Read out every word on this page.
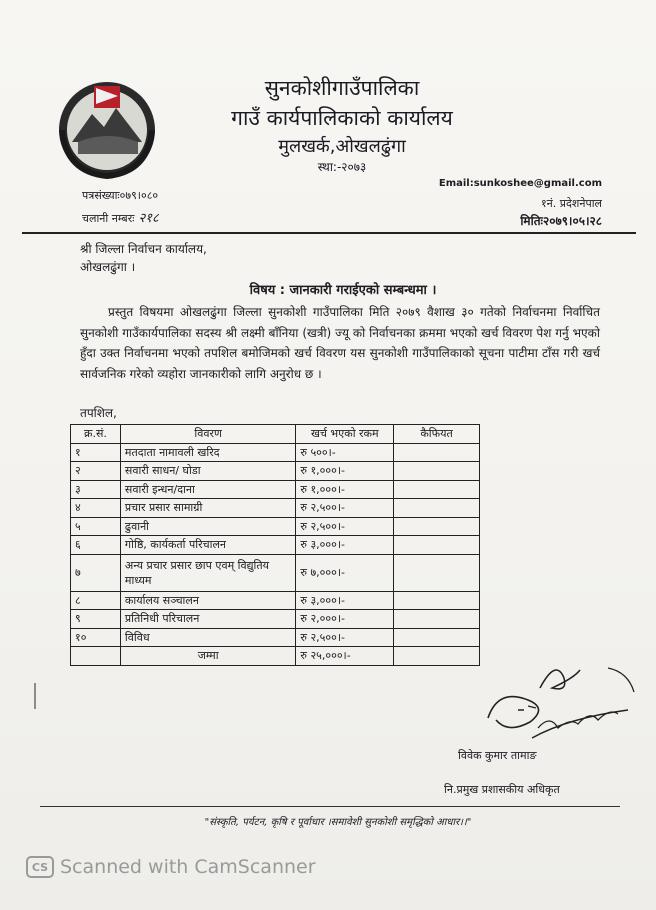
सुनकोशीगाउँपालिका
गाउँ कार्यपालिकाको कार्यालय
मुलखर्क,ओखलढुंगा
स्था:-२०७३
पत्रसंख्याः०७९।०८०
चलानी नम्बरः २१८
Email:sunkoshee@gmail.com
१नं. प्रदेशनेपाल
मितिः२०७९।०५।२८
श्री जिल्ला निर्वाचन कार्यालय,
ओखलढुंगा ।
विषय : जानकारी गराईएको सम्बन्धमा ।
प्रस्तुत विषयमा ओखलढुंगा जिल्ला सुनकोशी गाउँपालिका मिति २०७९ वैशाख ३० गतेको निर्वाचनमा निर्वाचित सुनकोशी गाउँकार्यपालिका सदस्य श्री लक्ष्मी बाँनिया (खत्री) ज्यू को निर्वाचनका क्रममा भएको खर्च विवरण पेश गर्नु भएको हुँदा उक्त निर्वाचनमा भएको तपशिल बमोजिमको खर्च विवरण यस सुनकोशी गाउँपालिकाको सूचना पाटीमा टाँस गरी खर्च सार्वजनिक गरेको व्यहोरा जानकारीको लागि अनुरोध छ ।
तपशिल,
क्र.सं.	विवरण	खर्च भएको रकम	कैफियत
१	मतदाता नामावली खरिद	रु ५००।-	
२	सवारी साधन/ घोडा	रु १,०००।-	
३	सवारी इन्धन/दाना	रु १,०००।-	
४	प्रचार प्रसार सामाग्री	रु २,५००।-	
५	ढुवानी	रु २,५००।-	
६	गोष्ठि, कार्यकर्ता परिचालन	रु ३,०००।-	
७	अन्य प्रचार प्रसार छाप एवम् विद्युतिय माध्यम	रु ७,०००।-	
८	कार्यालय सञ्चालन	रु ३,०००।-	
९	प्रतिनिधी परिचालन	रु २,०००।-	
१०	विविध	रु २,५००।-	
	जम्मा	रु २५,०००।-	
विवेक कुमार तामाङ
नि.प्रमुख प्रशासकीय अधिकृत
"संस्कृति, पर्यटन, कृषि र पूर्वाधार ।समावेशी सुनकोशी समृद्धिको आधार।।"
CS Scanned with CamScanner
